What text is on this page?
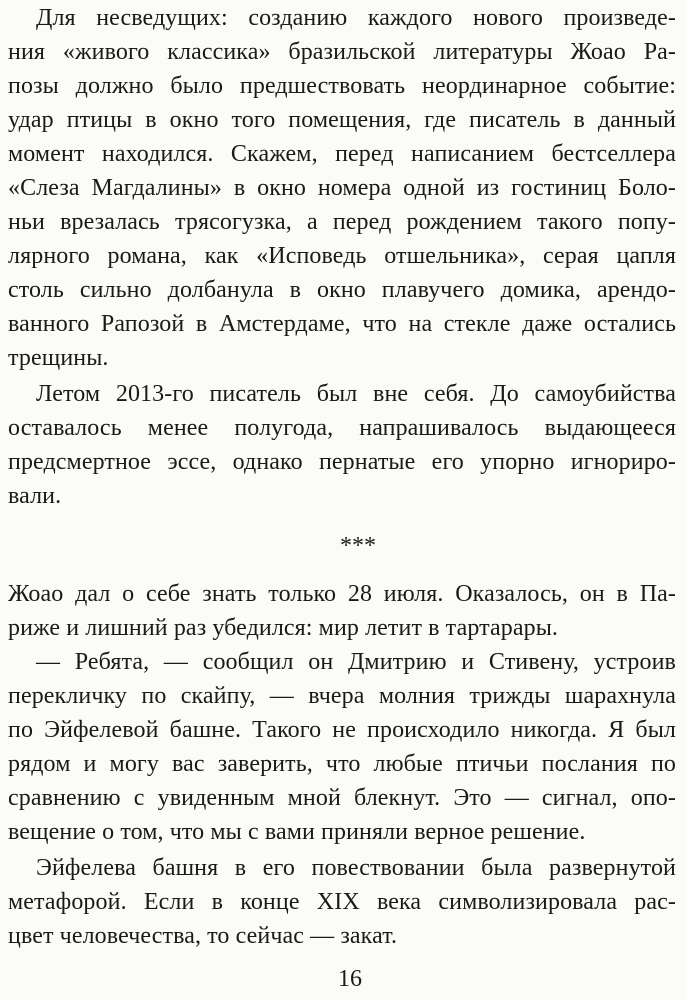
Для несведущих: созданию каждого нового произведе-
ния «живого классика» бразильской литературы Жоао Ра-
позы должно было предшествовать неординарное событие:
удар птицы в окно того помещения, где писатель в данный
момент находился. Скажем, перед написанием бестселлера
«Слеза Магдалины» в окно номера одной из гостиниц Боло-
ньи врезалась трясогузка, а перед рождением такого попу-
лярного романа, как «Исповедь отшельника», серая цапля
столь сильно долбанула в окно плавучего домика, арендо-
ванного Рапозой в Амстердаме, что на стекле даже остались
трещины.
Летом 2013-го писатель был вне себя. До самоубийства
оставалось менее полугода, напрашивалось выдающееся
предсмертное эссе, однако пернатые его упорно игнориро-
вали.
***
Жоао дал о себе знать только 28 июля. Оказалось, он в Па-
риже и лишний раз убедился: мир летит в тартарары.
— Ребята, — сообщил он Дмитрию и Стивену, устроив
перекличку по скайпу, — вчера молния трижды шарахнула
по Эйфелевой башне. Такого не происходило никогда. Я был
рядом и могу вас заверить, что любые птичьи послания по
сравнению с увиденным мной блекнут. Это — сигнал, опо-
вещение о том, что мы с вами приняли верное решение.
Эйфелева башня в его повествовании была развернутой
метафорой. Если в конце XIX века символизировала рас-
цвет человечества, то сейчас — закат.
16
